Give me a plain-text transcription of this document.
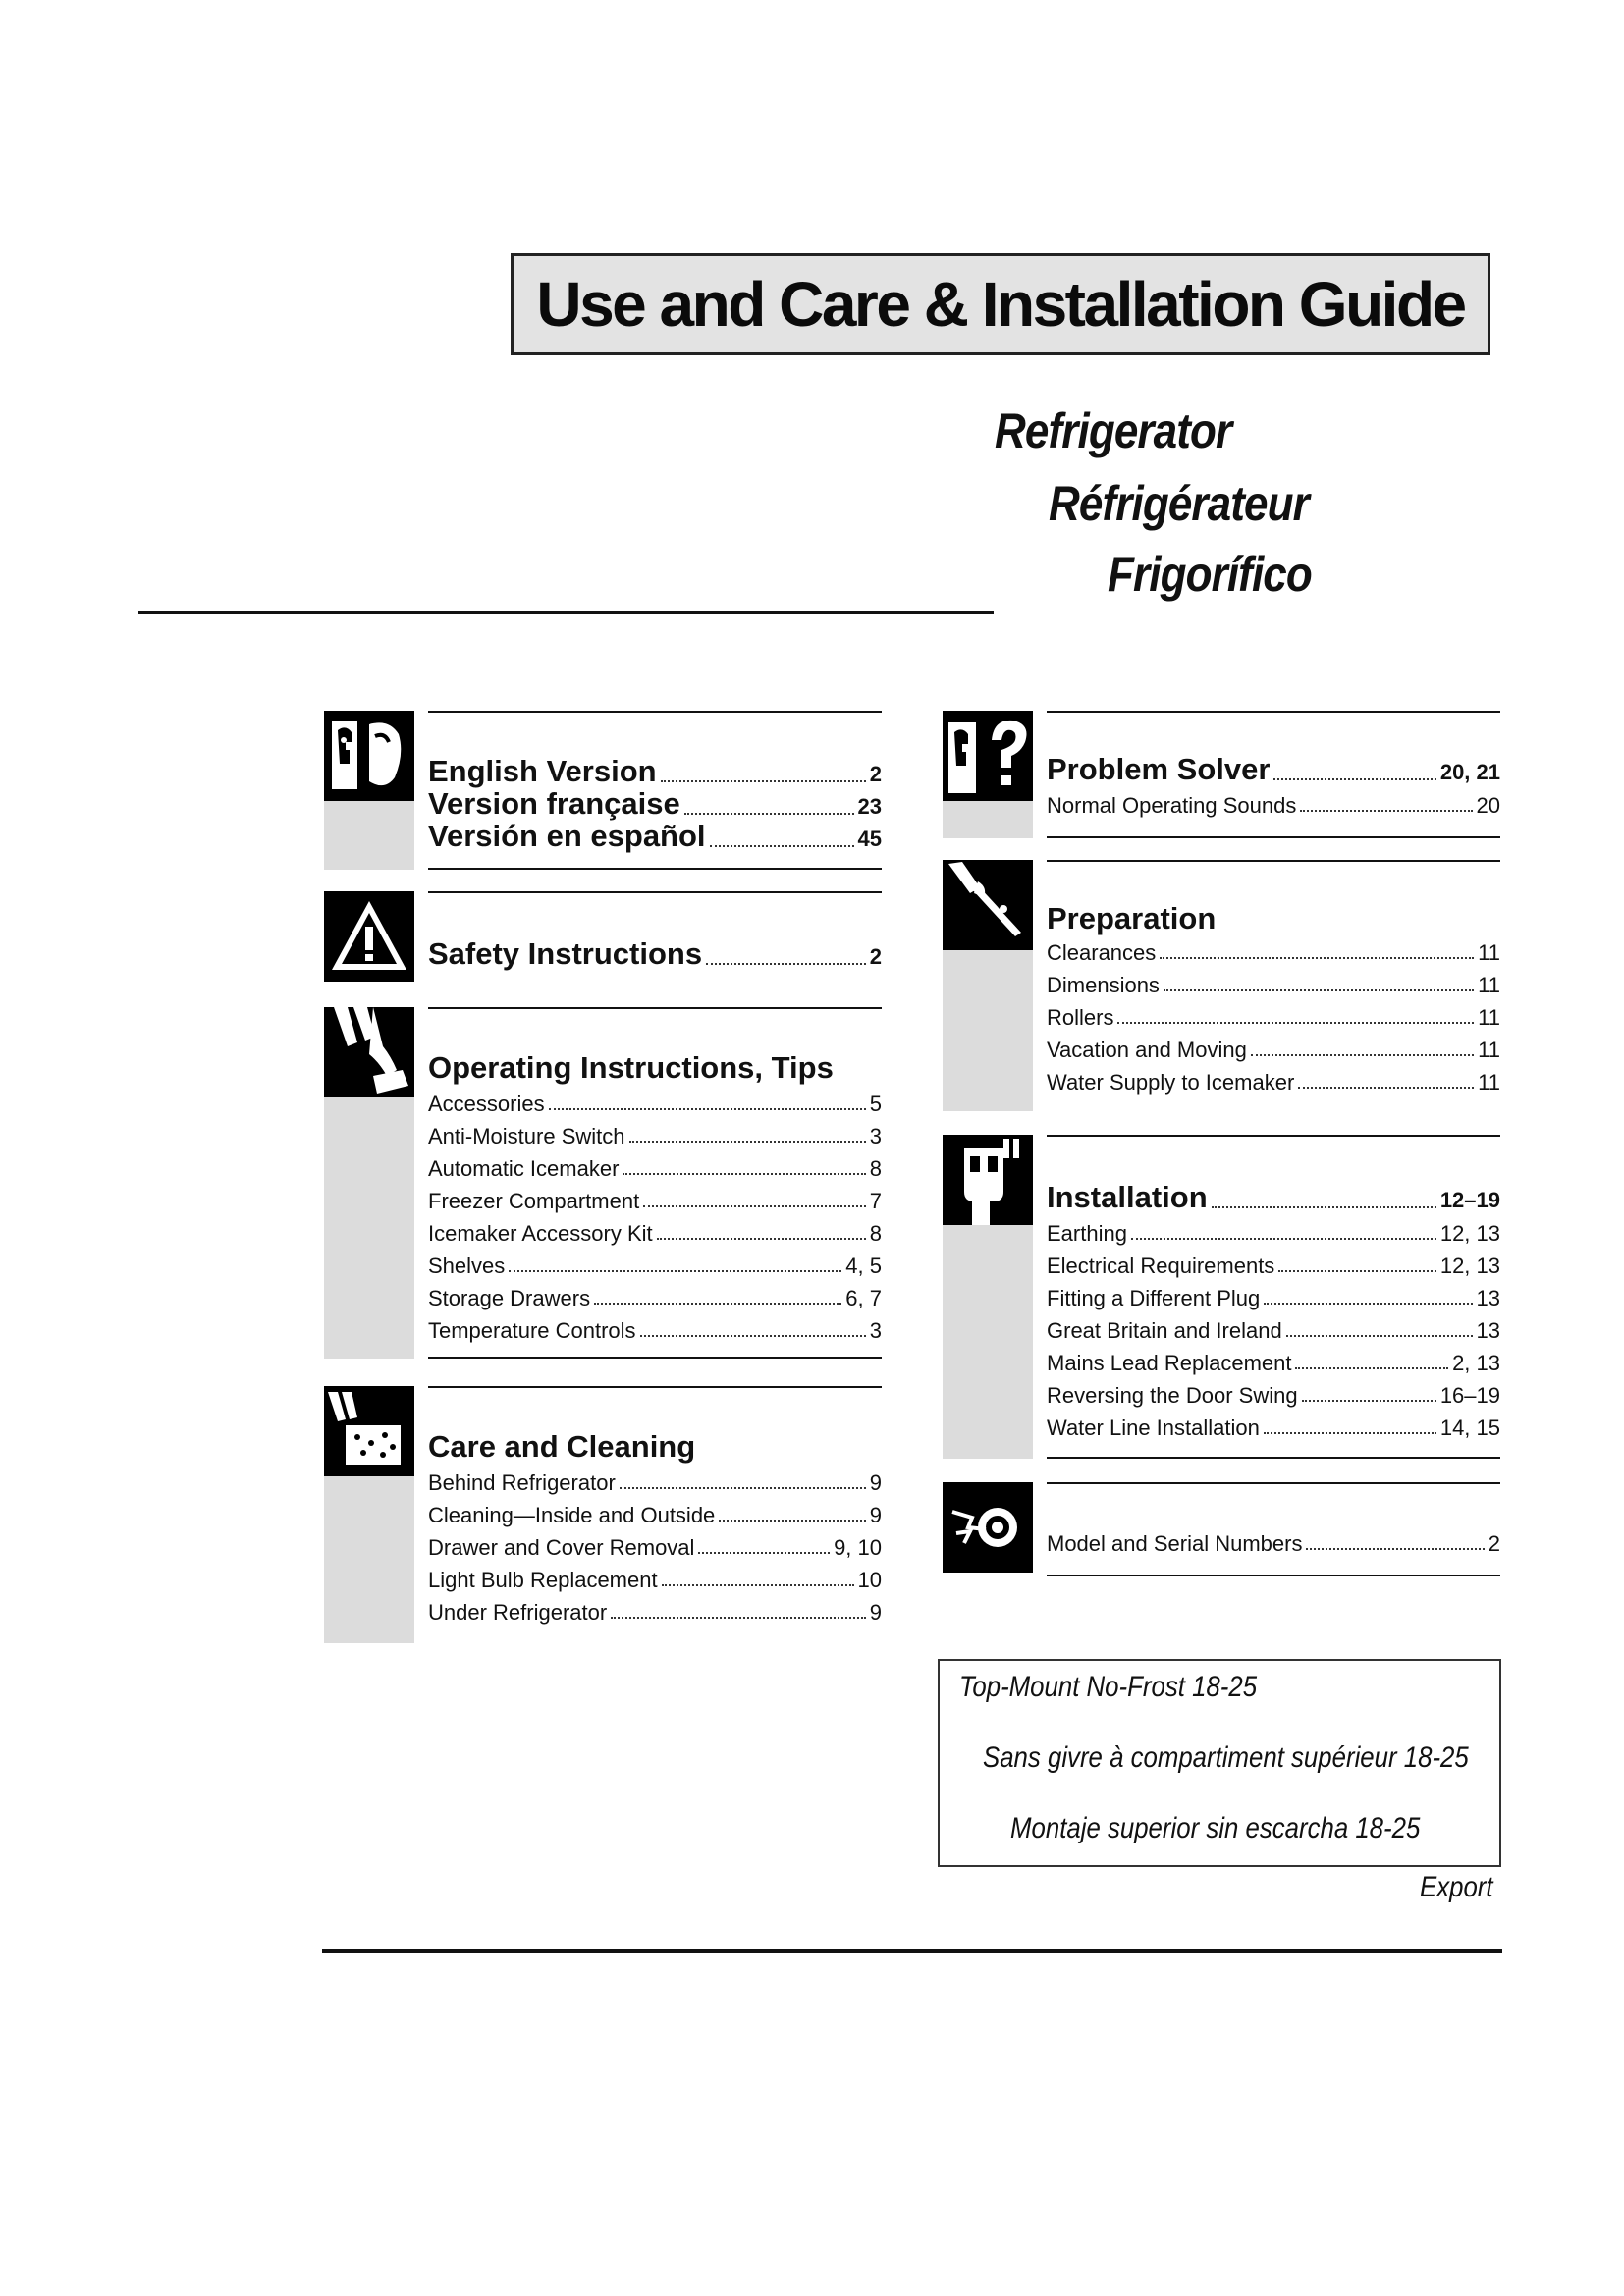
Use and Care & Installation Guide
Refrigerator
Réfrigérateur
Frigorífico
English Version	2
Version française	23
Versión en español	45
Safety Instructions	2
Operating Instructions, Tips
Accessories	5
Anti-Moisture Switch	3
Automatic Icemaker	8
Freezer Compartment	7
Icemaker Accessory Kit	8
Shelves	4, 5
Storage Drawers	6, 7
Temperature Controls	3
Care and Cleaning
Behind Refrigerator	9
Cleaning—Inside and Outside	9
Drawer and Cover Removal	9, 10
Light Bulb Replacement	10
Under Refrigerator	9
Problem Solver	20, 21
Normal Operating Sounds	20
Preparation
Clearances	11
Dimensions	11
Rollers	11
Vacation and Moving	11
Water Supply to Icemaker	11
Installation	12–19
Earthing	12, 13
Electrical Requirements	12, 13
Fitting a Different Plug	13
Great Britain and Ireland	13
Mains Lead Replacement	2, 13
Reversing the Door Swing	16–19
Water Line Installation	14, 15
Model and Serial Numbers	2
Top-Mount No-Frost 18-25
Sans givre à compartiment supérieur 18-25
Montaje superior sin escarcha 18-25
Export
